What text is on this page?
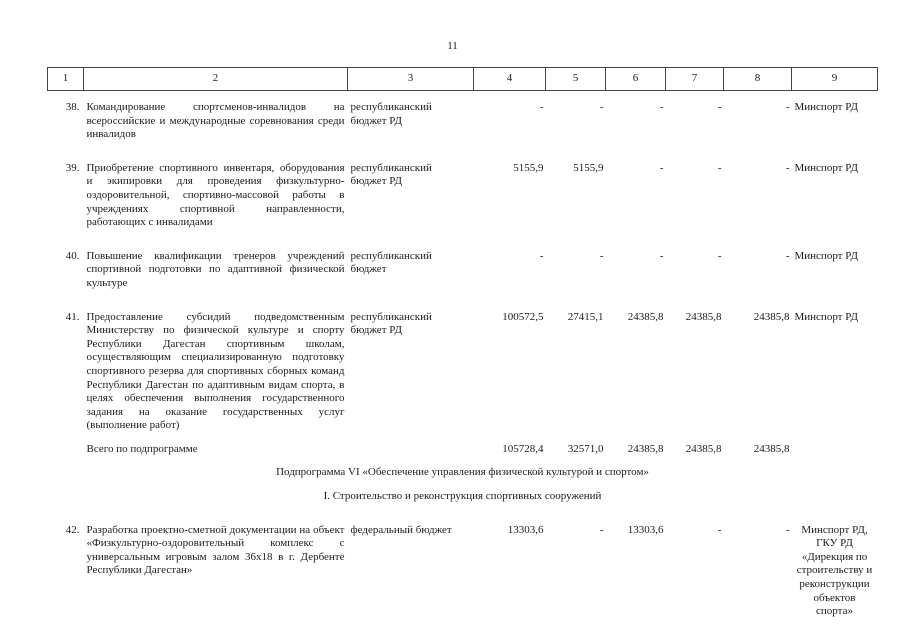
11
1	2	3	4	5	6	7	8	9

38.	Командирование спортсменов-инвалидов на всероссийские и международные соревнования среди инвалидов	республиканский бюджет РД	-	-	-	-	-	Минспорт РД

39.	Приобретение спортивного инвентаря, оборудования и экипировки для проведения физкультурно-оздоровительной, спортивно-массовой работы в учреждениях спортивной направленности, работающих с инвалидами	республиканский бюджет РД	5155,9	5155,9	-	-	-	Минспорт РД

40.	Повышение квалификации тренеров учреждений спортивной подготовки по адаптивной физической культуре	республиканский бюджет	-	-	-	-	-	Минспорт РД

41.	Предоставление субсидий подведомственным Министерству по физической культуре и спорту Республики Дагестан спортивным школам, осуществляющим специализированную подготовку спортивного резерва для спортивных сборных команд Республики Дагестан по адаптивным видам спорта, в целях обеспечения выполнения государственного задания на оказание государственных услуг (выполнение работ)	республиканский бюджет РД	100572,5	27415,1	24385,8	24385,8	24385,8	Минспорт РД

	Всего по подпрограмме		105728,4	32571,0	24385,8	24385,8	24385,8	

Подпрограмма VI «Обеспечение управления физической культурой и спортом»								

I. Строительство и реконструкция спортивных сооружений								

42.	Разработка проектно-сметной документации на объект «Физкультурно-оздоровительный комплекс с универсальным игровым залом 36х18 в г. Дербенте Республики Дагестан»	федеральный бюджет	13303,6	-	13303,6	-	-	Минспорт РД, ГКУ РД «Дирекция по строительству и реконструкции объектов спорта»
